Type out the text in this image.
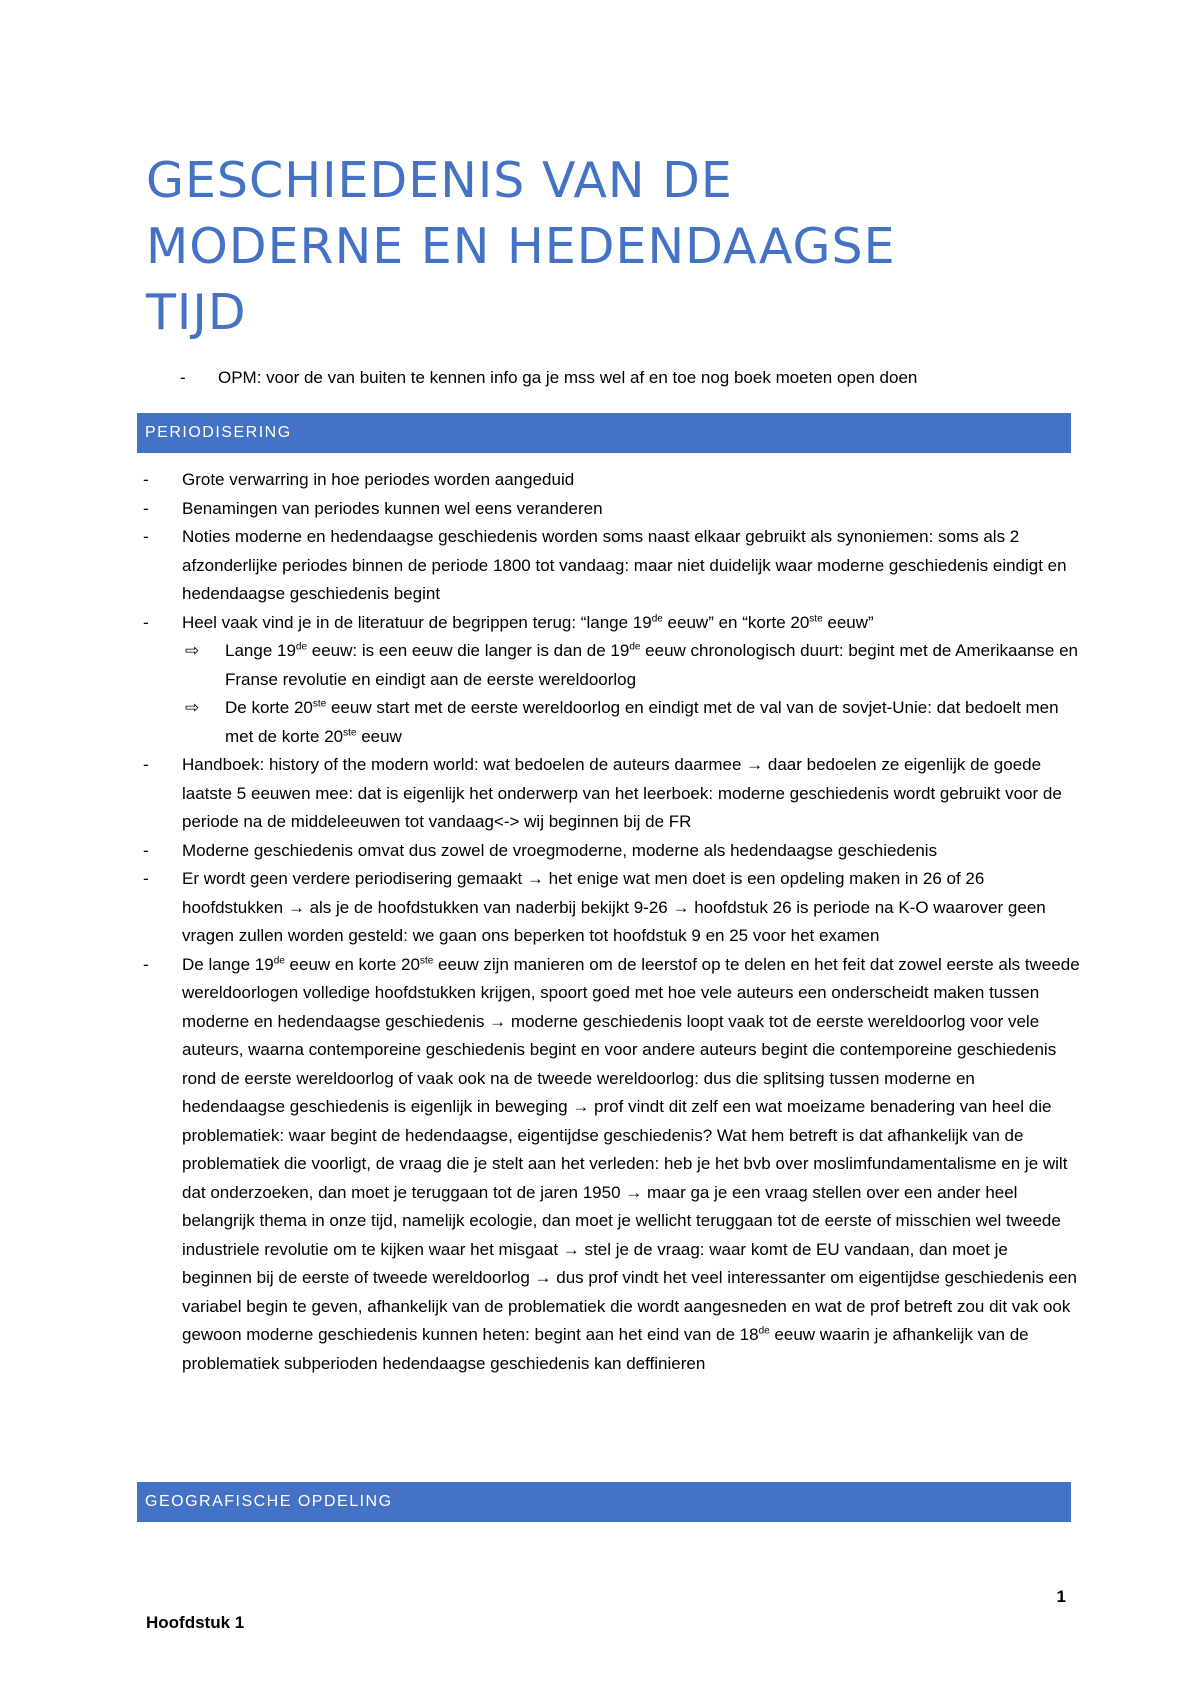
GESCHIEDENIS VAN DE
MODERNE EN HEDENDAAGSE
TIJD
- OPM: voor de van buiten te kennen info ga je mss wel af en toe nog boek moeten open doen
PERIODISERING
- Grote verwarring in hoe periodes worden aangeduid
- Benamingen van periodes kunnen wel eens veranderen
- Noties moderne en hedendaagse geschiedenis worden soms naast elkaar gebruikt als synoniemen: soms als 2 afzonderlijke periodes binnen de periode 1800 tot vandaag: maar niet duidelijk waar moderne geschiedenis eindigt en hedendaagse geschiedenis begint
- Heel vaak vind je in de literatuur de begrippen terug: “lange 19de eeuw” en “korte 20ste eeuw”
⇨ Lange 19de eeuw: is een eeuw die langer is dan de 19de eeuw chronologisch duurt: begint met de Amerikaanse en Franse revolutie en eindigt aan de eerste wereldoorlog
⇨ De korte 20ste eeuw start met de eerste wereldoorlog en eindigt met de val van de sovjet-Unie: dat bedoelt men met de korte 20ste eeuw
- Handboek: history of the modern world: wat bedoelen de auteurs daarmee → daar bedoelen ze eigenlijk de goede laatste 5 eeuwen mee: dat is eigenlijk het onderwerp van het leerboek: moderne geschiedenis wordt gebruikt voor de periode na de middeleeuwen tot vandaag<-> wij beginnen bij de FR
- Moderne geschiedenis omvat dus zowel de vroegmoderne, moderne als hedendaagse geschiedenis
- Er wordt geen verdere periodisering gemaakt → het enige wat men doet is een opdeling maken in 26 of 26 hoofdstukken → als je de hoofdstukken van naderbij bekijkt 9-26 → hoofdstuk 26 is periode na K-O waarover geen vragen zullen worden gesteld: we gaan ons beperken tot hoofdstuk 9 en 25 voor het examen
- De lange 19de eeuw en korte 20ste eeuw zijn manieren om de leerstof op te delen en het feit dat zowel eerste als tweede wereldoorlogen volledige hoofdstukken krijgen, spoort goed met hoe vele auteurs een onderscheidt maken tussen moderne en hedendaagse geschiedenis → moderne geschiedenis loopt vaak tot de eerste wereldoorlog voor vele auteurs, waarna contemporeine geschiedenis begint en voor andere auteurs begint die contemporeine geschiedenis rond de eerste wereldoorlog of vaak ook na de tweede wereldoorlog: dus die splitsing tussen moderne en hedendaagse geschiedenis is eigenlijk in beweging → prof vindt dit zelf een wat moeizame benadering van heel die problematiek: waar begint de hedendaagse, eigentijdse geschiedenis? Wat hem betreft is dat afhankelijk van de problematiek die voorligt, de vraag die je stelt aan het verleden: heb je het bvb over moslimfundamentalisme en je wilt dat onderzoeken, dan moet je teruggaan tot de jaren 1950 → maar ga je een vraag stellen over een ander heel belangrijk thema in onze tijd, namelijk ecologie, dan moet je wellicht teruggaan tot de eerste of misschien wel tweede industriele revolutie om te kijken waar het misgaat → stel je de vraag: waar komt de EU vandaan, dan moet je beginnen bij de eerste of tweede wereldoorlog → dus prof vindt het veel interessanter om eigentijdse geschiedenis een variabel begin te geven, afhankelijk van de problematiek die wordt aangesneden en wat de prof betreft zou dit vak ook gewoon moderne geschiedenis kunnen heten: begint aan het eind van de 18de eeuw waarin je afhankelijk van de problematiek subperioden hedendaagse geschiedenis kan deffinieren
GEOGRAFISCHE OPDELING
1
Hoofdstuk 1
